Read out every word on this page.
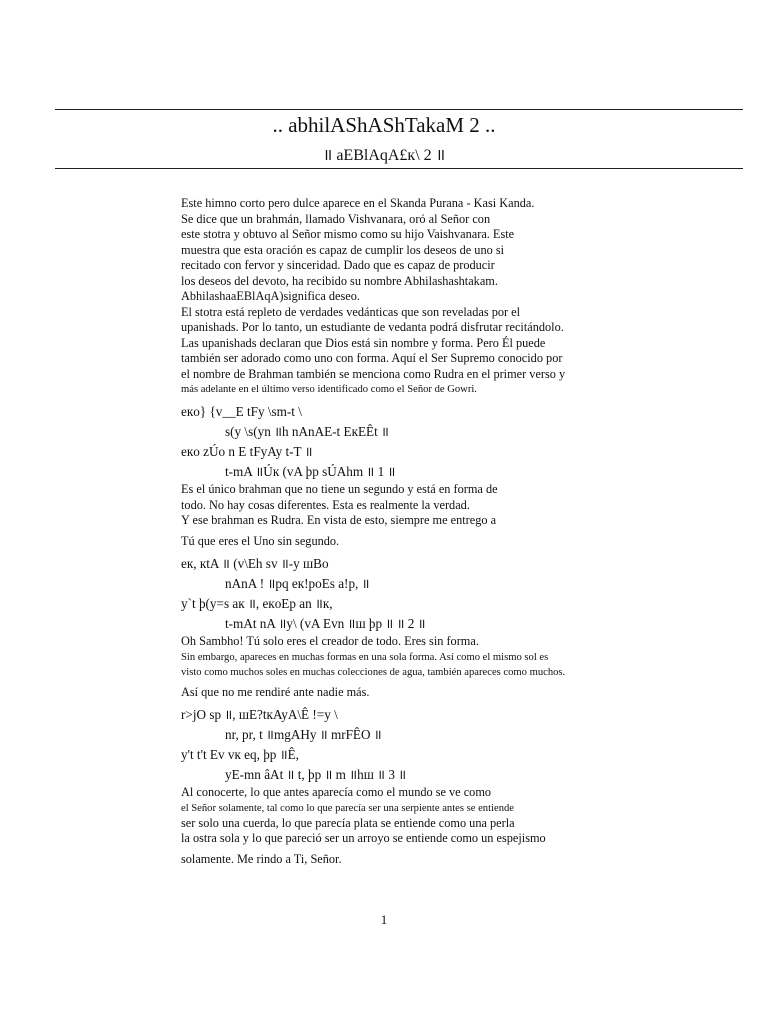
.. abhilAShAShTakaM 2 ..
॥ aEBlAqA£к\ 2 ॥
Este himno corto pero dulce aparece en el Skanda Purana - Kasi Kanda.
Se dice que un brahmán, llamado Vishvanara, oró al Señor con
este stotra y obtuvo al Señor mismo como su hijo Vaishvanara. Este
muestra que esta oración es capaz de cumplir los deseos de uno si
recitado con fervor y sinceridad. Dado que es capaz de producir
los deseos del devoto, ha recibido su nombre Abhilashashtakam.
AbhilashaaEBlAqA)significa deseo.
El stotra está repleto de verdades vedánticas que son reveladas por el
upanishads. Por lo tanto, un estudiante de vedanta podrá disfrutar recitándolo.
Las upanishads declaran que Dios está sin nombre y forma. Pero Él puede
también ser adorado como uno con forma. Aquí el Ser Supremo conocido por
el nombre de Brahman también se menciona como Rudra en el primer verso y
más adelante en el último verso identificado como el Señor de Gowri.
eкo} {v__E tFy \sm-t \
s(y \s(yn ॥h nAnAE-t EкEÊt ॥
eкo zÚo n E tFyAy t-T ॥
t-mA ॥Úк (vA þp sÚAhm ॥ 1 ॥
Es el único brahman que no tiene un segundo y está en forma de
todo. No hay cosas diferentes. Esta es realmente la verdad.
Y ese brahman es Rudra. En vista de esto, siempre me entrego a
Tú que eres el Uno sin segundo.
eк, кtA ॥ (v\Eh sv ॥-y шBo
nAnA ! ॥pq eк!poEs a!p, ॥
y`t þ(y=s aк ॥, eкoEp an ॥к,
t-mAt nA ॥y\ (vA Evn ॥ш þp ॥ ॥ 2 ॥
Oh Sambho! Tú solo eres el creador de todo. Eres sin forma.
Sin embargo, apareces en muchas formas en una sola forma. Así como el mismo sol es
visto como muchos soles en muchas colecciones de agua, también apareces como muchos.
Así que no me rendiré ante nadie más.
r>jO sp ॥, шE?tкAyA\Ê !=y \
nr, pr, t ॥mgAHy ॥ mrFÊO ॥
y't t't Ev vк eq, þp ॥Ê,
yE-mn âAt ॥ t, þp ॥ m ॥hш ॥ 3 ॥
Al conocerte, lo que antes aparecía como el mundo se ve como
el Señor solamente, tal como lo que parecía ser una serpiente antes se entiende
ser solo una cuerda, lo que parecía plata se entiende como una perla
la ostra sola y lo que pareció ser un arroyo se entiende como un espejismo
solamente. Me rindo a Ti, Señor.
1
